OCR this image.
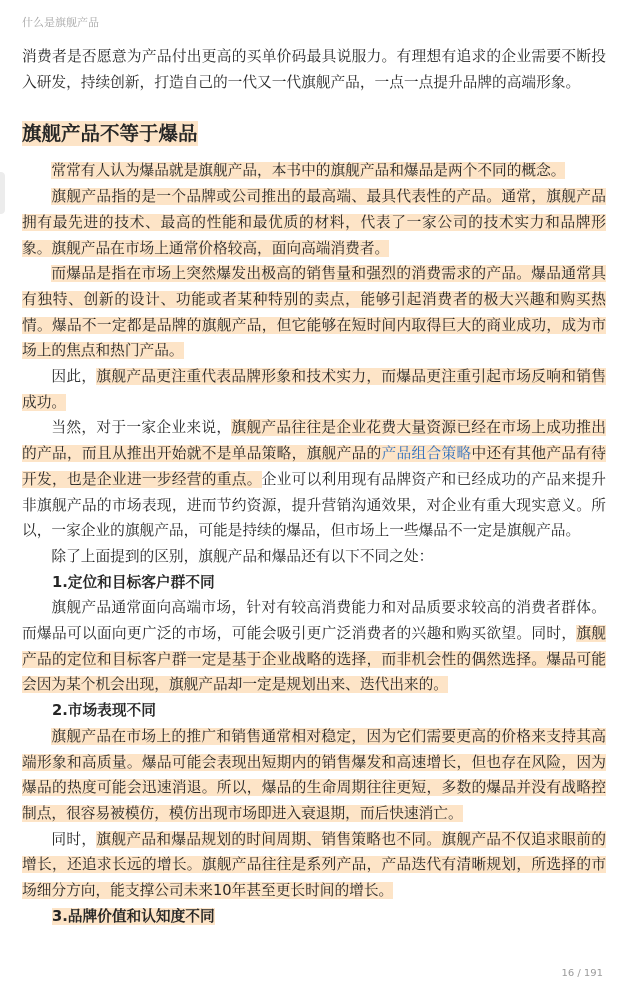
什么是旗舰产品

消费者是否愿意为产品付出更高的买单价码最具说服力。有理想有追求的企业需要不断投入研发，持续创新，打造自己的一代又一代旗舰产品，一点一点提升品牌的高端形象。

旗舰产品不等于爆品

常常有人认为爆品就是旗舰产品，本书中的旗舰产品和爆品是两个不同的概念。

旗舰产品指的是一个品牌或公司推出的最高端、最具代表性的产品。通常，旗舰产品拥有最先进的技术、最高的性能和最优质的材料，代表了一家公司的技术实力和品牌形象。旗舰产品在市场上通常价格较高，面向高端消费者。

而爆品是指在市场上突然爆发出极高的销售量和强烈的消费需求的产品。爆品通常具有独特、创新的设计、功能或者某种特别的卖点，能够引起消费者的极大兴趣和购买热情。爆品不一定都是品牌的旗舰产品，但它能够在短时间内取得巨大的商业成功，成为市场上的焦点和热门产品。

因此，旗舰产品更注重代表品牌形象和技术实力，而爆品更注重引起市场反响和销售成功。

当然，对于一家企业来说，旗舰产品往往是企业花费大量资源已经在市场上成功推出的产品，而且从推出开始就不是单品策略，旗舰产品的产品组合策略中还有其他产品有待开发，也是企业进一步经营的重点。企业可以利用现有品牌资产和已经成功的产品来提升非旗舰产品的市场表现，进而节约资源，提升营销沟通效果，对企业有重大现实意义。所以，一家企业的旗舰产品，可能是持续的爆品，但市场上一些爆品不一定是旗舰产品。

除了上面提到的区别，旗舰产品和爆品还有以下不同之处：

1.定位和目标客户群不同

旗舰产品通常面向高端市场，针对有较高消费能力和对品质要求较高的消费者群体。而爆品可以面向更广泛的市场，可能会吸引更广泛消费者的兴趣和购买欲望。同时，旗舰产品的定位和目标客户群一定是基于企业战略的选择，而非机会性的偶然选择。爆品可能会因为某个机会出现，旗舰产品却一定是规划出来、迭代出来的。

2.市场表现不同

旗舰产品在市场上的推广和销售通常相对稳定，因为它们需要更高的价格来支持其高端形象和高质量。爆品可能会表现出短期内的销售爆发和高速增长，但也存在风险，因为爆品的热度可能会迅速消退。所以，爆品的生命周期往往更短，多数的爆品并没有战略控制点，很容易被模仿，模仿出现市场即进入衰退期，而后快速消亡。

同时，旗舰产品和爆品规划的时间周期、销售策略也不同。旗舰产品不仅追求眼前的增长，还追求长远的增长。旗舰产品往往是系列产品，产品迭代有清晰规划，所选择的市场细分方向，能支撑公司未来10年甚至更长时间的增长。

3.品牌价值和认知度不同

16 / 191
